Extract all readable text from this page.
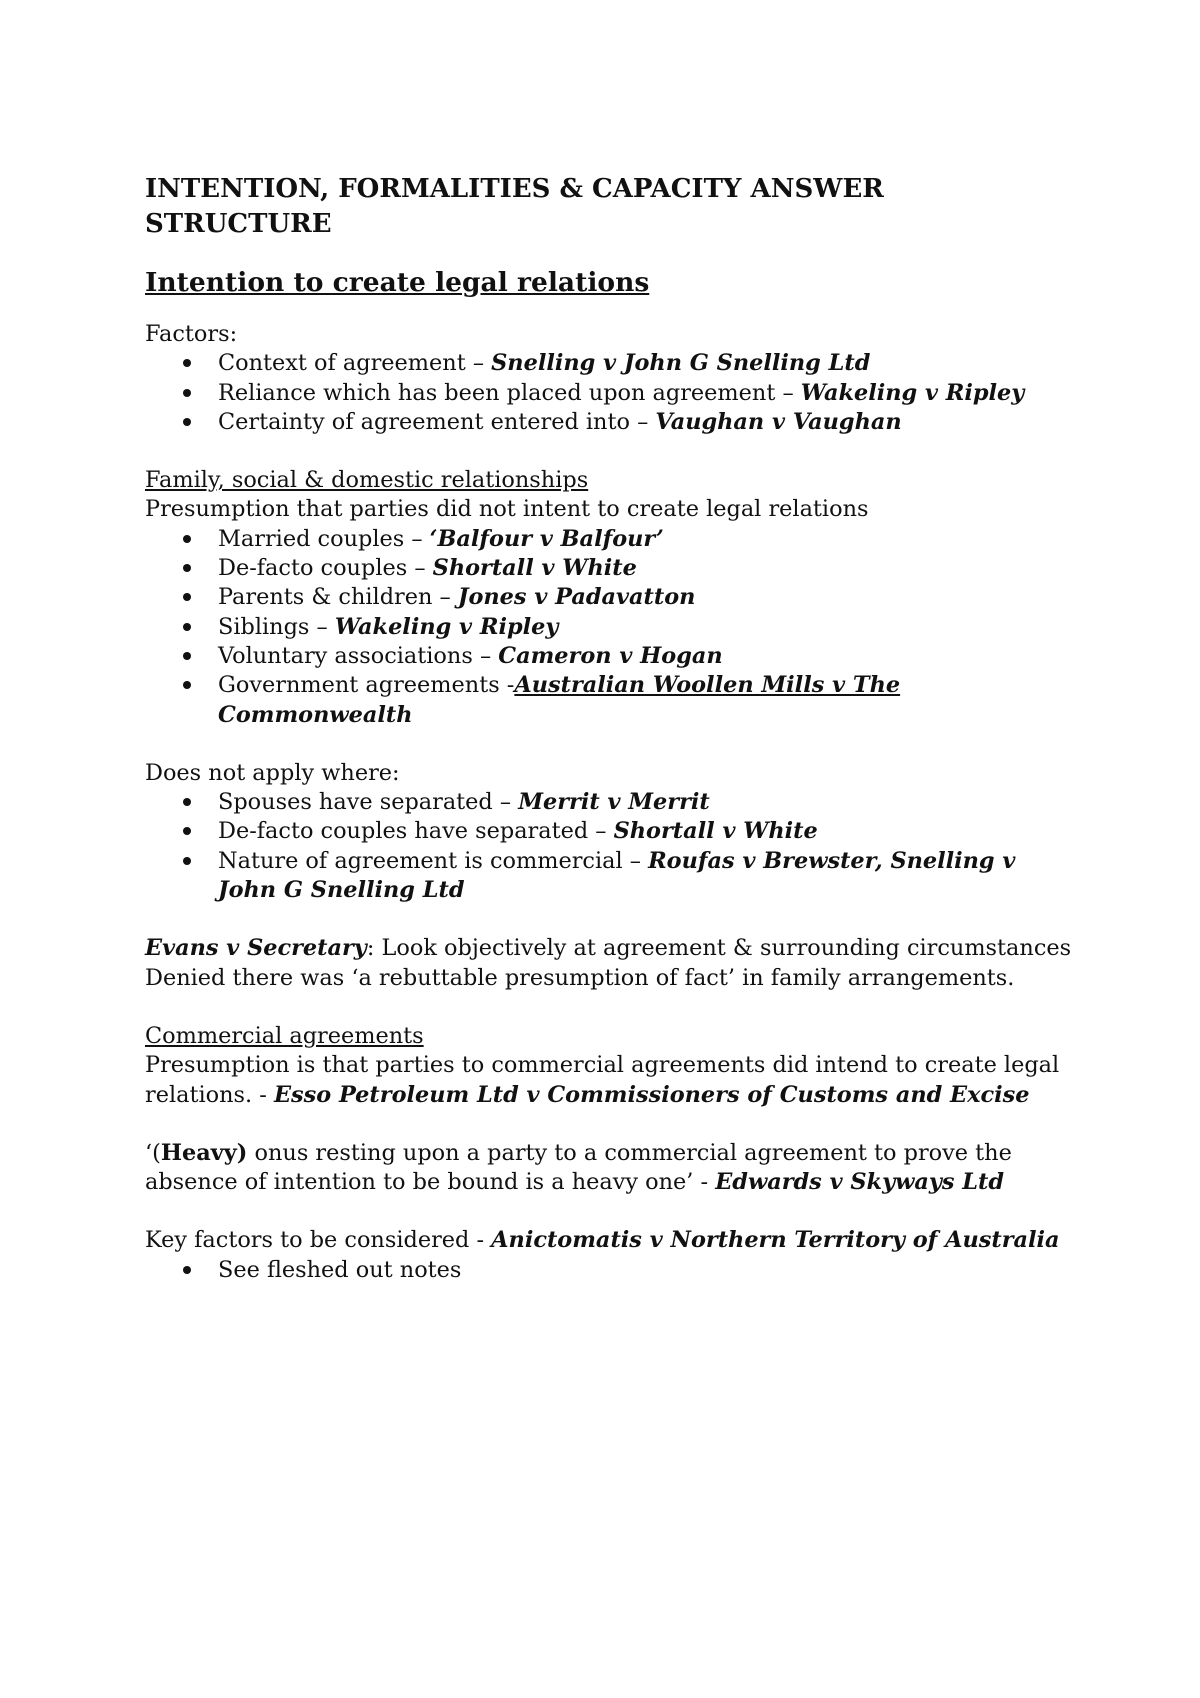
INTENTION, FORMALITIES & CAPACITY ANSWER
STRUCTURE
Intention to create legal relations

Factors:

Context of agreement – Snelling v John G Snelling Ltd
Reliance which has been placed upon agreement – Wakeling v Ripley
Certainty of agreement entered into – Vaughan v Vaughan

Family, social & domestic relationships

Presumption that parties did not intent to create legal relations

Married couples – ‘Balfour v Balfour’
De-facto couples – Shortall v White
Parents & children – Jones v Padavatton
Siblings – Wakeling v Ripley
Voluntary associations – Cameron v Hogan
Government agreements -Australian Woollen Mills v The
Commonwealth

Does not apply where:

Spouses have separated – Merrit v Merrit
De-facto couples have separated – Shortall v White
Nature of agreement is commercial – Roufas v Brewster, Snelling v
John G Snelling Ltd

Evans v Secretary: Look objectively at agreement & surrounding circumstances
Denied there was ‘a rebuttable presumption of fact’ in family arrangements.

Commercial agreements

Presumption is that parties to commercial agreements did intend to create legal
relations. - Esso Petroleum Ltd v Commissioners of Customs and Excise

‘(Heavy) onus resting upon a party to a commercial agreement to prove the
absence of intention to be bound is a heavy one’ - Edwards v Skyways Ltd

Key factors to be considered - Anictomatis v Northern Territory of Australia

See fleshed out notes
